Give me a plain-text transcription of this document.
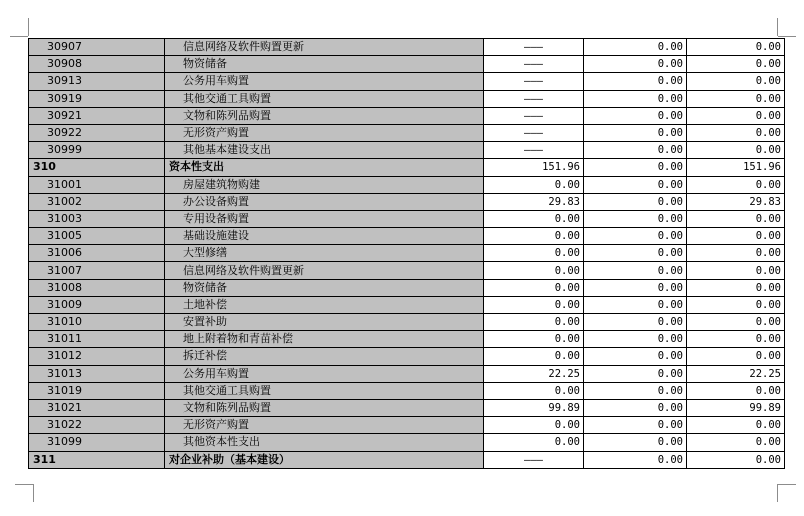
30907	信息网络及软件购置更新	———	0.00	0.00
30908	物资储备	———	0.00	0.00
30913	公务用车购置	———	0.00	0.00
30919	其他交通工具购置	———	0.00	0.00
30921	文物和陈列品购置	———	0.00	0.00
30922	无形资产购置	———	0.00	0.00
30999	其他基本建设支出	———	0.00	0.00
310	资本性支出	151.96	0.00	151.96
31001	房屋建筑物购建	0.00	0.00	0.00
31002	办公设备购置	29.83	0.00	29.83
31003	专用设备购置	0.00	0.00	0.00
31005	基础设施建设	0.00	0.00	0.00
31006	大型修缮	0.00	0.00	0.00
31007	信息网络及软件购置更新	0.00	0.00	0.00
31008	物资储备	0.00	0.00	0.00
31009	土地补偿	0.00	0.00	0.00
31010	安置补助	0.00	0.00	0.00
31011	地上附着物和青苗补偿	0.00	0.00	0.00
31012	拆迁补偿	0.00	0.00	0.00
31013	公务用车购置	22.25	0.00	22.25
31019	其他交通工具购置	0.00	0.00	0.00
31021	文物和陈列品购置	99.89	0.00	99.89
31022	无形资产购置	0.00	0.00	0.00
31099	其他资本性支出	0.00	0.00	0.00
311	对企业补助（基本建设）	———	0.00	0.00
